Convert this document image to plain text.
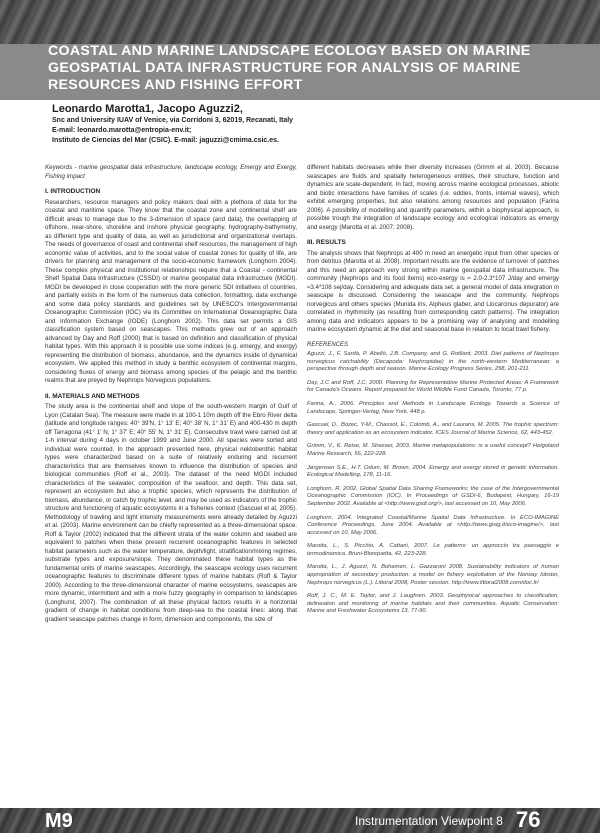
COASTAL AND MARINE LANDSCAPE ECOLOGY BASED ON MARINE GEOSPATIAL DATA INFRASTRUCTURE FOR ANALYSIS OF MARINE RESOURCES AND FISHING EFFORT
Leonardo Marotta1, Jacopo Aguzzi2,
Snc and University IUAV of Venice, via Corridoni 3, 62019, Recanati, Italy
E-mail: leonardo.marotta@entropia-env.it;
Instituto de Ciencias del Mar (CSIC). E-mail: jaguzzi@cmima.csic.es.

Keywords - marine geospatial data infrastructure, landscape ecology, Emergy and Exergy, Fishing impact

I. INTRODUCTION

Researchers, resource managers and policy makers deal with a plethora of data for the coastal and maritime space. They know that the coastal zone and continental shelf are difficult areas to manage due to the 3-dimension of space (and data), the overlapping of offshore, near-shore, shoreline and inshore physical geography, hydrography-bathymetry, as different type and quality of data, as well as jurisdictional and organizational overlaps. The needs of governance of coast and continental shelf resources, the management of high economic value of activities, and to the social value of coastal zones for quality of life, are drivers for planning and management of the socio-economic framework (Longhorn 2004). These complex physical and institutional relationships require that a Coastal - continental Shelf Spatial Data Infrastructure (CSSDI) or marine geospatial data infrastructure (MGDI). MGDI be developed in close cooperation with the more generic SDI initiatives of countries, and partially exists in the form of the numerous data collection, formatting, data exchange and some data policy standards and guidelines set by UNESCO's Intergovernmental Oceanographic Commission (IOC) via its Committee on International Oceanographic Data and Information Exchange (IODE) (Longhorn 2002). This data set permits a GIS classification system based on seascapes. This methods grew out of an approach advanced by Day and Roff (2000) that is based on definition and classification of physical habitat types. With this approach it is possible use some indices (e.g. emergy, and exergy) representing the distribution of biomass, abundance, and the dynamics inside of dynamical ecosystem. We applied this method in study a benthic ecosystem of continental margins, considering fluxes of energy and biomass among species of the pelagic and the benthic realms that are preyed by Nephrops Norvegicus populations.

II. MATERIALS AND METHODS

The study area is the continental shelf and slope of the south-western margin of Gulf of Lyon (Catalan Sea). The measure were made in at 100-1 10m depth off the Ebro River delta (latitude and longitude ranges: 40° 39'N, 1° 13' E; 40° 38' N, 1° 31' E) and 400-430 m depth off Tarragona (41° 1' N, 1° 37' E; 40° 55' N, 1° 31' E). Consecutive trawl were carried out at 1-h interval during 4 days in october 1999 and June 2000. All species were sorted and individual were counted. In the approach presented here, physical nektobenthic habitat types were characterized based on a suite of relatively enduring and recurrent characteristics that are themselves known to influence the distribution of species and biological communities (Roff et al., 2003). The dataset of the need MGDI included characteristics of the seawater, composition of the seafloor, and depth. This data set, represent an ecosystem but also a trophic species, which represents the distribution of biomass, abundance, or catch by trophic level, and may be used as indicators of the trophic structure and functioning of aquatic ecosystems in a fisheries context (Gascuel et al, 2005). Methodology of trawling and light intensity measurements were already detailed by Aguzzi et al. (2003). Marine environment can be chiefly represented as a three-dimensional space. Roff & Taylor (2002) indicated that the different strata of the water column and seabed are equivalent to patches when these present recurrent oceanographic features in selected habitat parameters such as the water temperature, depth/light, stratification/mixing regimes, substrate types and exposure/slope. They denominated these habitat types as the fundamental units of marine seascapes. Accordingly, the seascape ecology uses recurrent oceanographic features to discriminate different types of marine habitats (Roff & Taylor 2000). According to the three-dimensional character of marine ecosystems, seascapes are more dynamic, intermittent and with a more fuzzy geography in comparison to landscapes (Longhurst, 2007). The combination of all these physical factors results in a horizontal gradient of change in habitat conditions from deep-sea to the coastal lines: along that gradient seascape patches change in form, dimension and components, the size of

different habitats decreases while their diversity increases (Grimm et al. 2003). Because seascapes are fluids and spatially heterogeneous entities, their structure, function and dynamics are scale-dependent. In fact, moving across marine ecological processes, abiotic and biotic interactions have families of scales (i.e. eddies, fronts, internal waves), which exhibit emerging properties, but also relations among resources and population (Farina 2006). A possibility of modelling and quantify parameters, within a biophysical approach, is possible trough the integration of landscape ecology and ecological indicators as emergy and exergy (Marotta et al. 2007; 2008).

III. RESULTS

The analysis shows that Nephrops at 400 m need an energetic input from other species or from detritus (Marotta et al. 2008). Important results are the evidence of turnover of patches and this need an approach very strong within marine geospatial data infrastructure. The community (Nephrops and its food items) eco-exergy is ≈ 2.0-2.3*107 J/day and emergy ≈3.4*108 sej/day. Considering and adequate data set, a general model of data integration in seascape is discussed. Considering the seascape and the community, Nephrops norvegicus and others species (Munida iris, Alpheus glaber, and Liocarcinus depurator) are correlated in rhythmicity (as resulting from corresponding catch patterns). The integration among data and indicators appears to be a promising way of analysing and modelling marine ecosystem dynamic at the diel and seasonal base in relation to local trawl fishery.

REFERENCES

Aguzzi, J., F. Sardà, P. Abelló, J.B. Company, and G. Rotllant, 2003. Diel patterns of Nephrops norvegicus catchability (Decapoda: Nephropidae) in the north-western Mediterranean: a perspective through depth and season. Marine Ecology Progress Series, 258, 201-211.

Day, J.C and Roff, J.C. 2000. Planning for Representative Marine Protected Areas: A Framework for Canada's Oceans. Report prepared for World Wildlife Fund Canada, Toronto, 77 p.

Farina, A., 2006. Principles and Methods in Landscape Ecology. Towards a Science of Landscape, Springer-Verlag, New York, 448 p.

Gascuel, D., Bozec, Y-M., Chassot, E., Colomb, A., and Laurans, M. 2005. The trophic spectrum: theory and application as an ecosystem indicator. ICES Journal of Marine Science, 62, 443-452.

Grimm, V., K. Reise, M. Strasser, 2003. Marine metapopulations: is a useful concept? Helgoland Marine Research, 56, 222-228.

Jørgensen S.E., H.T. Odum, M. Brown, 2004. Emergy and exergy stored in genetic information. Ecological Modelling, 178, 11-16.

Longhorn, R. 2002. Global Spatial Data Sharing Frameworks: the case of the Intergovernmental Oceanographic Commission (IOC). In Proceedings of GSDI-6, Budapest, Hungary, 16-19 September 2002. Available at <http://www.gsdi.org/>, last accessed on 10, May 2006.

Longhorn, 2004. Integrated Coastal/Marine Spatial Data Infrastructure. In ECO-IMAGINE Conference Proceedings, June 2004. Available at <http://www.gisig.it/eco-imagine/>, last accessed on 10, May 2006.

Marotta, L., S. Picchio, A. Cattani, 2007. Le patterns: un approccio tra paesaggio e termodinamica. Bruni-Blonquetta, 42, 223-228.

Marotta, L., J. Aguzzi, N. Bohamen, L. Gazzaroni 2008. Sustainability indicators of human appropriation of secondary production: a model on fishery exploitation of the Norway lobster, Nephrops norvegicus (L.). Littoral 2008, Poster session. http://www.littoral2008.com/doc.fr/

Roff, J. C., M. E. Taylor, and J. Laughren. 2003. Geophysical approaches to classification, delineation and monitoring of marine habitats and their communities. Aquatic Conservation: Marine and Freshwater Ecosystems 13, 77-90.

M9	Instrumentation Viewpoint 8 76
